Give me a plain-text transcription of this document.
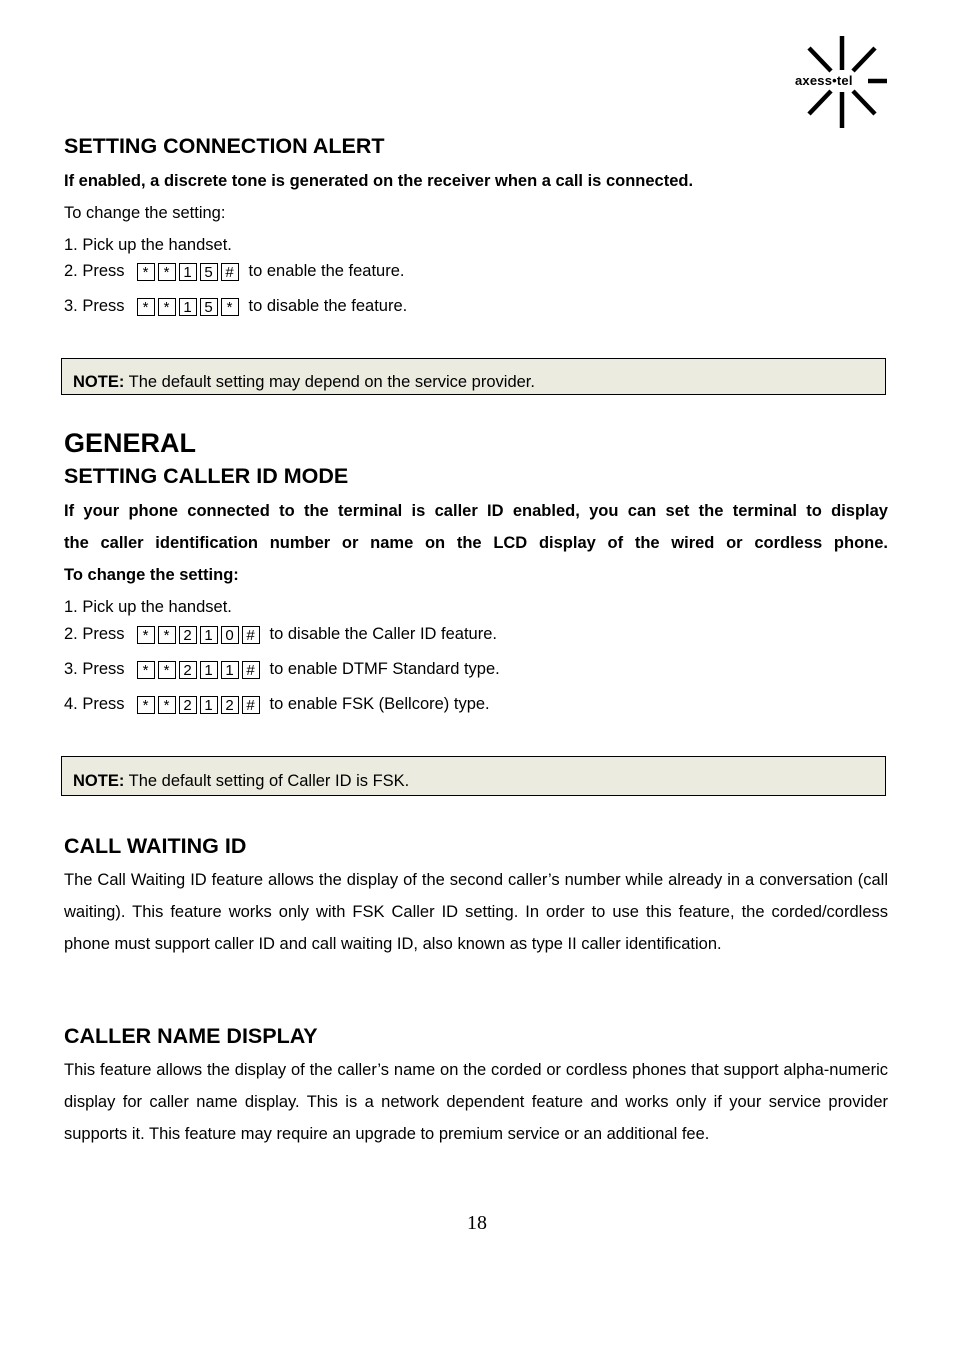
axess•tel
SETTING CONNECTION ALERT
If enabled, a discrete tone is generated on the receiver when a call is connected.
To change the setting:
1. Pick up the handset.
2. Press	*	* 1 5 # to enable the feature.
3. Press	*	* 1 5 * to disable the feature.
NOTE: The default setting may depend on the service provider.
GENERAL
SETTING CALLER ID MODE
If your phone connected to the terminal is caller ID enabled, you can set the terminal to display
the caller identification number or name on the LCD display of the wired or cordless phone.
To change the setting:
1. Pick up the handset.
2. Press	*	* 2 1 0 # to disable the Caller ID feature.
3. Press	*	* 2 1 1 # to enable DTMF Standard type.
4. Press	*	* 2 1 2 # to enable FSK (Bellcore) type.
NOTE: The default setting of Caller ID is FSK.
CALL WAITING ID
The Call Waiting ID feature allows the display of the second caller’s number while already in a conversation (call waiting). This feature works only with FSK Caller ID setting. In order to use this feature, the corded/cordless phone must support caller ID and call waiting ID, also known as type II caller identification.
CALLER NAME DISPLAY
This feature allows the display of the caller’s name on the corded or cordless phones that support alpha-numeric display for caller name display. This is a network dependent feature and works only if your service provider supports it. This feature may require an upgrade to premium service or an additional fee.
18
